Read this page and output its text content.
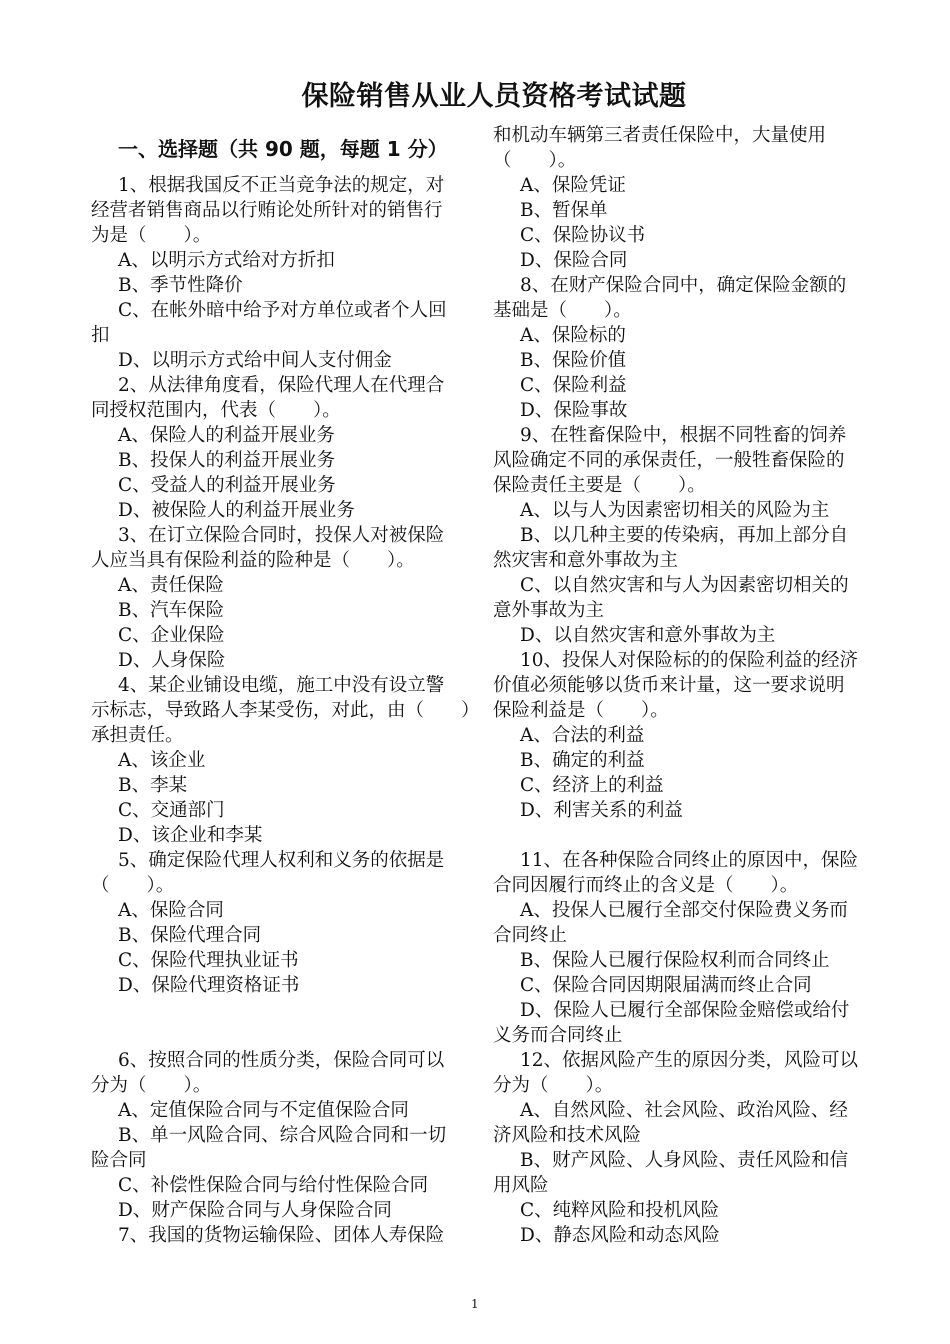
保险销售从业人员资格考试试题
一、选择题（共 90 题，每题 1 分）
1、根据我国反不正当竞争法的规定，对
经营者销售商品以行贿论处所针对的销售行
为是（　　）。
A、以明示方式给对方折扣
B、季节性降价
C、在帐外暗中给予对方单位或者个人回
扣
D、以明示方式给中间人支付佣金
2、从法律角度看，保险代理人在代理合
同授权范围内，代表（　　）。
A、保险人的利益开展业务
B、投保人的利益开展业务
C、受益人的利益开展业务
D、被保险人的利益开展业务
3、在订立保险合同时，投保人对被保险
人应当具有保险利益的险种是（　　）。
A、责任保险
B、汽车保险
C、企业保险
D、人身保险
4、某企业铺设电缆，施工中没有设立警
示标志，导致路人李某受伤，对此，由（　　）
承担责任。
A、该企业
B、李某
C、交通部门
D、该企业和李某
5、确定保险代理人权利和义务的依据是
（　　）。
A、保险合同
B、保险代理合同
C、保险代理执业证书
D、保险代理资格证书
6、按照合同的性质分类，保险合同可以
分为（　　）。
A、定值保险合同与不定值保险合同
B、单一风险合同、综合风险合同和一切
险合同
C、补偿性保险合同与给付性保险合同
D、财产保险合同与人身保险合同
7、我国的货物运输保险、团体人寿保险
和机动车辆第三者责任保险中，大量使用
（　　）。
A、保险凭证
B、暂保单
C、保险协议书
D、保险合同
8、在财产保险合同中，确定保险金额的
基础是（　　）。
A、保险标的
B、保险价值
C、保险利益
D、保险事故
9、在牲畜保险中，根据不同牲畜的饲养
风险确定不同的承保责任，一般牲畜保险的
保险责任主要是（　　）。
A、以与人为因素密切相关的风险为主
B、以几种主要的传染病，再加上部分自
然灾害和意外事故为主
C、以自然灾害和与人为因素密切相关的
意外事故为主
D、以自然灾害和意外事故为主
10、投保人对保险标的的保险利益的经济
价值必须能够以货币来计量，这一要求说明
保险利益是（　　）。
A、合法的利益
B、确定的利益
C、经济上的利益
D、利害关系的利益
11、在各种保险合同终止的原因中，保险
合同因履行而终止的含义是（　　）。
A、投保人已履行全部交付保险费义务而
合同终止
B、保险人已履行保险权利而合同终止
C、保险合同因期限届满而终止合同
D、保险人已履行全部保险金赔偿或给付
义务而合同终止
12、依据风险产生的原因分类，风险可以
分为（　　）。
A、自然风险、社会风险、政治风险、经
济风险和技术风险
B、财产风险、人身风险、责任风险和信
用风险
C、纯粹风险和投机风险
D、静态风险和动态风险
1
